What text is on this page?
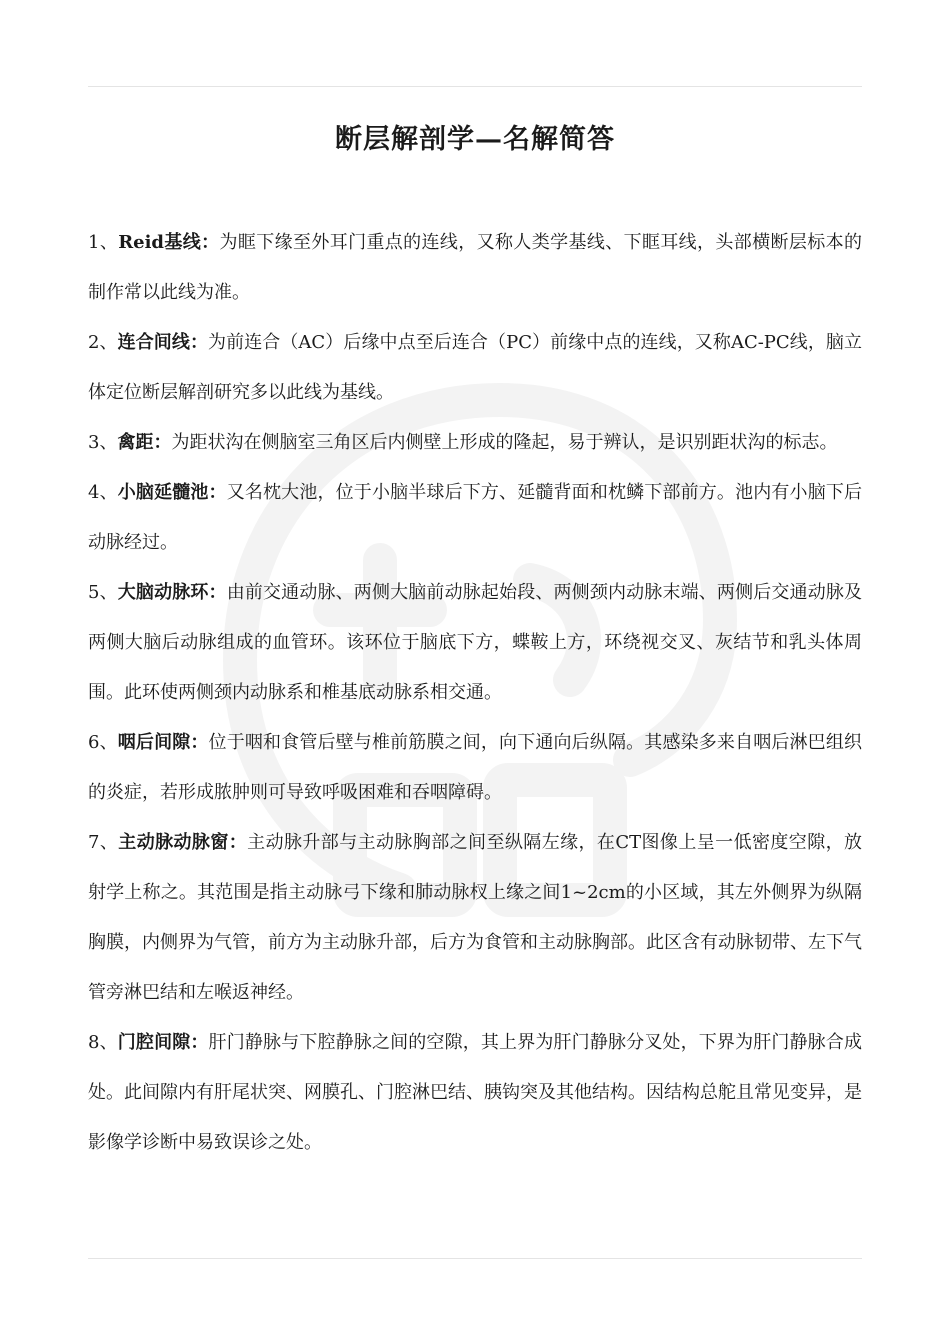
断层解剖学—名解简答

1、Reid基线：为眶下缘至外耳门重点的连线，又称人类学基线、下眶耳线，头部横断层标本的制作常以此线为准。

2、连合间线：为前连合（AC）后缘中点至后连合（PC）前缘中点的连线，又称AC-PC线，脑立体定位断层解剖研究多以此线为基线。

3、禽距：为距状沟在侧脑室三角区后内侧壁上形成的隆起，易于辨认，是识别距状沟的标志。

4、小脑延髓池：又名枕大池，位于小脑半球后下方、延髓背面和枕鳞下部前方。池内有小脑下后动脉经过。

5、大脑动脉环：由前交通动脉、两侧大脑前动脉起始段、两侧颈内动脉末端、两侧后交通动脉及两侧大脑后动脉组成的血管环。该环位于脑底下方，蝶鞍上方，环绕视交叉、灰结节和乳头体周围。此环使两侧颈内动脉系和椎基底动脉系相交通。

6、咽后间隙：位于咽和食管后壁与椎前筋膜之间，向下通向后纵隔。其感染多来自咽后淋巴组织的炎症，若形成脓肿则可导致呼吸困难和吞咽障碍。

7、主动脉动脉窗：主动脉升部与主动脉胸部之间至纵隔左缘，在CT图像上呈一低密度空隙，放射学上称之。其范围是指主动脉弓下缘和肺动脉杈上缘之间1~2cm的小区域，其左外侧界为纵隔胸膜，内侧界为气管，前方为主动脉升部，后方为食管和主动脉胸部。此区含有动脉韧带、左下气管旁淋巴结和左喉返神经。

8、门腔间隙：肝门静脉与下腔静脉之间的空隙，其上界为肝门静脉分叉处，下界为肝门静脉合成处。此间隙内有肝尾状突、网膜孔、门腔淋巴结、胰钩突及其他结构。因结构总舵且常见变异，是影像学诊断中易致误诊之处。
